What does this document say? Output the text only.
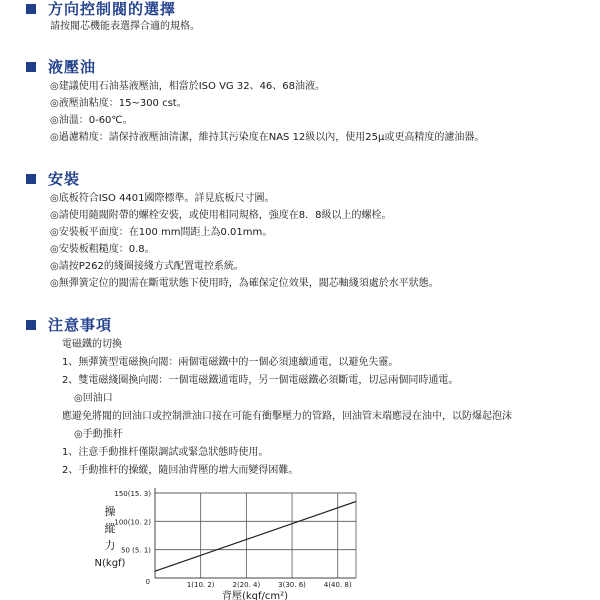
方向控制閥的選擇
請按閥芯機能表選擇合適的規格。
液壓油
◎建議使用石油基液壓油，相當於ISO VG 32、46、68油液。
◎液壓油粘度：15~300 cst。
◎油溫：0-60℃。
◎過濾精度：請保持液壓油清潔，維持其污染度在NAS 12級以內，使用25μ或更高精度的濾油器。
安裝
◎底板符合ISO 4401國際標準。詳見底板尺寸圖。
◎請使用隨閥附帶的螺栓安裝，或使用相同規格，強度在8．8級以上的螺栓。
◎安裝板平面度：在100 mm間距上為0.01mm。
◎安裝板粗糙度：0.8。
◎請按P262的綫圈接綫方式配置電控系統。
◎無彈簧定位的閥需在斷電狀態下使用時，為確保定位效果，閥芯軸綫須處於水平狀態。
注意事項
電磁鐵的切換
1、無彈簧型電磁換向閥：兩個電磁鐵中的一個必須連續通電，以避免失靈。
2、雙電磁綫圈換向閥：一個電磁鐵通電時，另一個電磁鐵必須斷電，切忌兩個同時通電。
◎回油口
應避免將閥的回油口或控制泄油口接在可能有衝擊壓力的管路，回油管末端應浸在油中，以防爆起泡沫
◎手動推杆
1、注意手動推杆僅限調試或緊急狀態時使用。
2、手動推杆的操縱，隨回油背壓的增大而變得困難。
50 (5. 1)
100(10. 2)
150(15. 3)
1(10. 2)	2(20. 4)	3(30. 6)	4(40. 8)
操
縱
力
N(kgf)
0
背壓(kgf/cm²)
